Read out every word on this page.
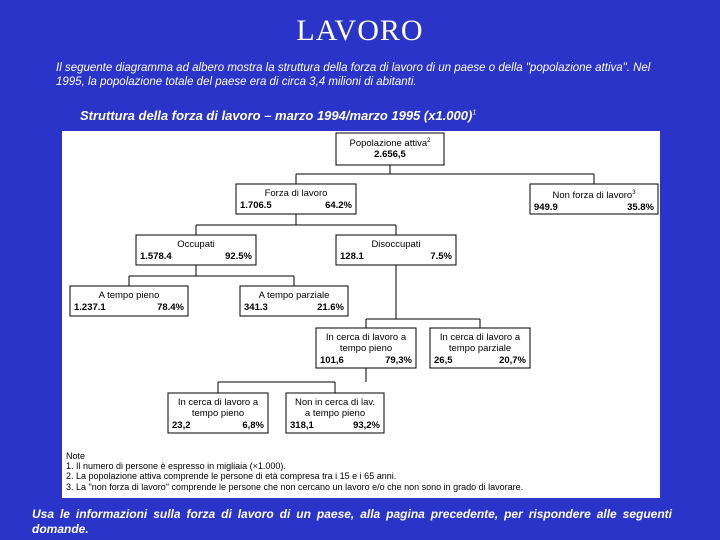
LAVORO
Il seguente diagramma ad albero mostra la struttura della forza di lavoro di un paese o della "popolazione attiva". Nel 1995, la popolazione totale del paese era di circa 3,4 milioni di abitanti.
Struttura della forza di lavoro – marzo 1994/marzo 1995 $(x1.000)^1$
Popolazione attiva$^2$
2.656,5
Forza di lavoro
1.706.5	64.2%
Non forza di lavoro$^3$
949.9	35.8%
Occupati
1.578.4	92.5%
Disoccupati
128.1	7.5%
A tempo pieno
1.237.1	78.4%
A tempo parziale
341.3	21.6%
In cerca di lavoro a
tempo pieno
101,6	79,3%
In cerca di lavoro a
tempo parziale
26,5	20,7%
In cerca di lavoro a
tempo pieno
23,2	6,8%
Non in cerca di lav.
a tempo pieno
318,1	93,2%
Note
1. Il numero di persone è espresso in migliaia (×1.000).
2. La popolazione attiva comprende le persone di età compresa tra i 15 e i 65 anni.
3. La "non forza di lavoro" comprende le persone che non cercano un lavoro e/o che non sono in grado di lavorare.
Usa le informazioni sulla forza di lavoro di un paese, alla pagina precedente, per rispondere alle seguenti domande.
